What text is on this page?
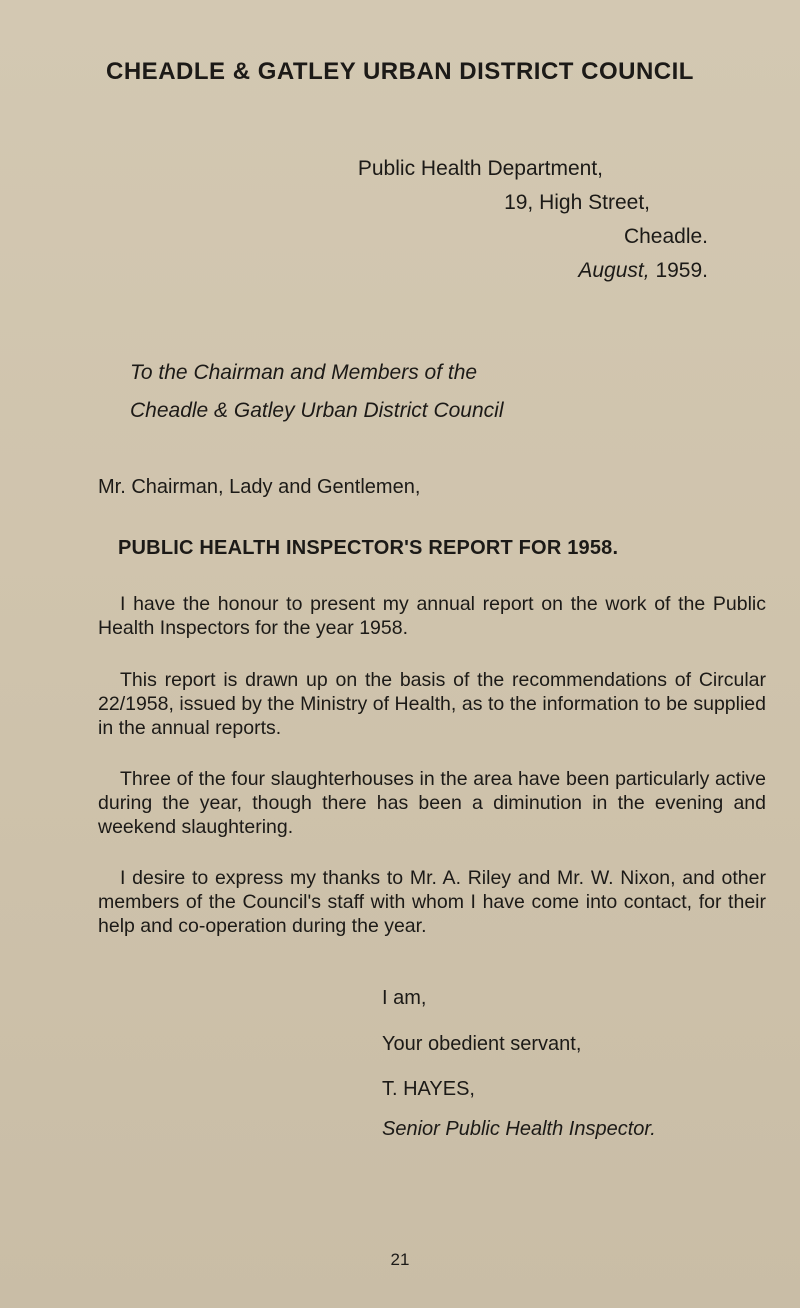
CHEADLE & GATLEY URBAN DISTRICT COUNCIL
Public Health Department,
19, High Street,
Cheadle.
August, 1959.
To the Chairman and Members of the
Cheadle & Gatley Urban District Council
Mr. Chairman, Lady and Gentlemen,
PUBLIC HEALTH INSPECTOR'S REPORT FOR 1958.

I have the honour to present my annual report on the work of the Public Health Inspectors for the year 1958.

This report is drawn up on the basis of the recommendations of Circular 22/1958, issued by the Ministry of Health, as to the information to be supplied in the annual reports.

Three of the four slaughterhouses in the area have been particularly active during the year, though there has been a diminution in the evening and weekend slaughtering.

I desire to express my thanks to Mr. A. Riley and Mr. W. Nixon, and other members of the Council's staff with whom I have come into contact, for their help and co-operation during the year.

I am,
Your obedient servant,
T. HAYES,
Senior Public Health Inspector.
21
